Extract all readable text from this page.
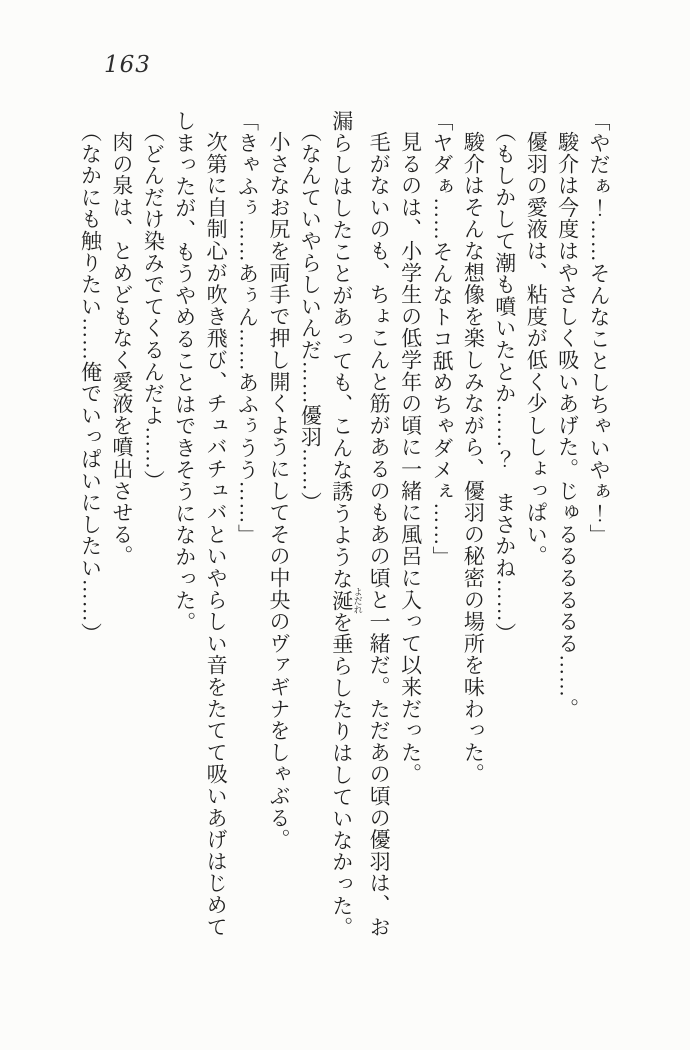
163
「やだぁ！……そんなことしちゃいやぁ！」
駿介は今度はやさしく吸いあげた。じゅるるるるるる……。
優羽の愛液は、粘度が低く少ししょっぱい。
（もしかして潮も噴いたとか……？　まさかね……）
駿介はそんな想像を楽しみながら、優羽の秘密の場所を味わった。
「ヤダぁ……そんなトコ舐めちゃダメぇ……」
見るのは、小学生の低学年の頃に一緒に風呂に入って以来だった。
毛がないのも、ちょこんと筋があるのもあの頃と一緒だ。ただあの頃の優羽は、お
漏らしはしたことがあっても、こんな誘うような涎 よだれを垂らしたりはしていなかった。
（なんていやらしいんだ……優羽……）
小さなお尻を両手で押し開くようにしてその中央のヴァギナをしゃぶる。
「きゃふぅ……あぅん……あふぅうう……」
次第に自制心が吹き飛び、チュバチュバといやらしい音をたてて吸いあげはじめて
しまったが、もうやめることはできそうになかった。
（どんだけ染みでてくるんだよ……）
肉の泉は、とめどもなく愛液を噴出させる。
（なかにも触りたい……俺でいっぱいにしたい……）
